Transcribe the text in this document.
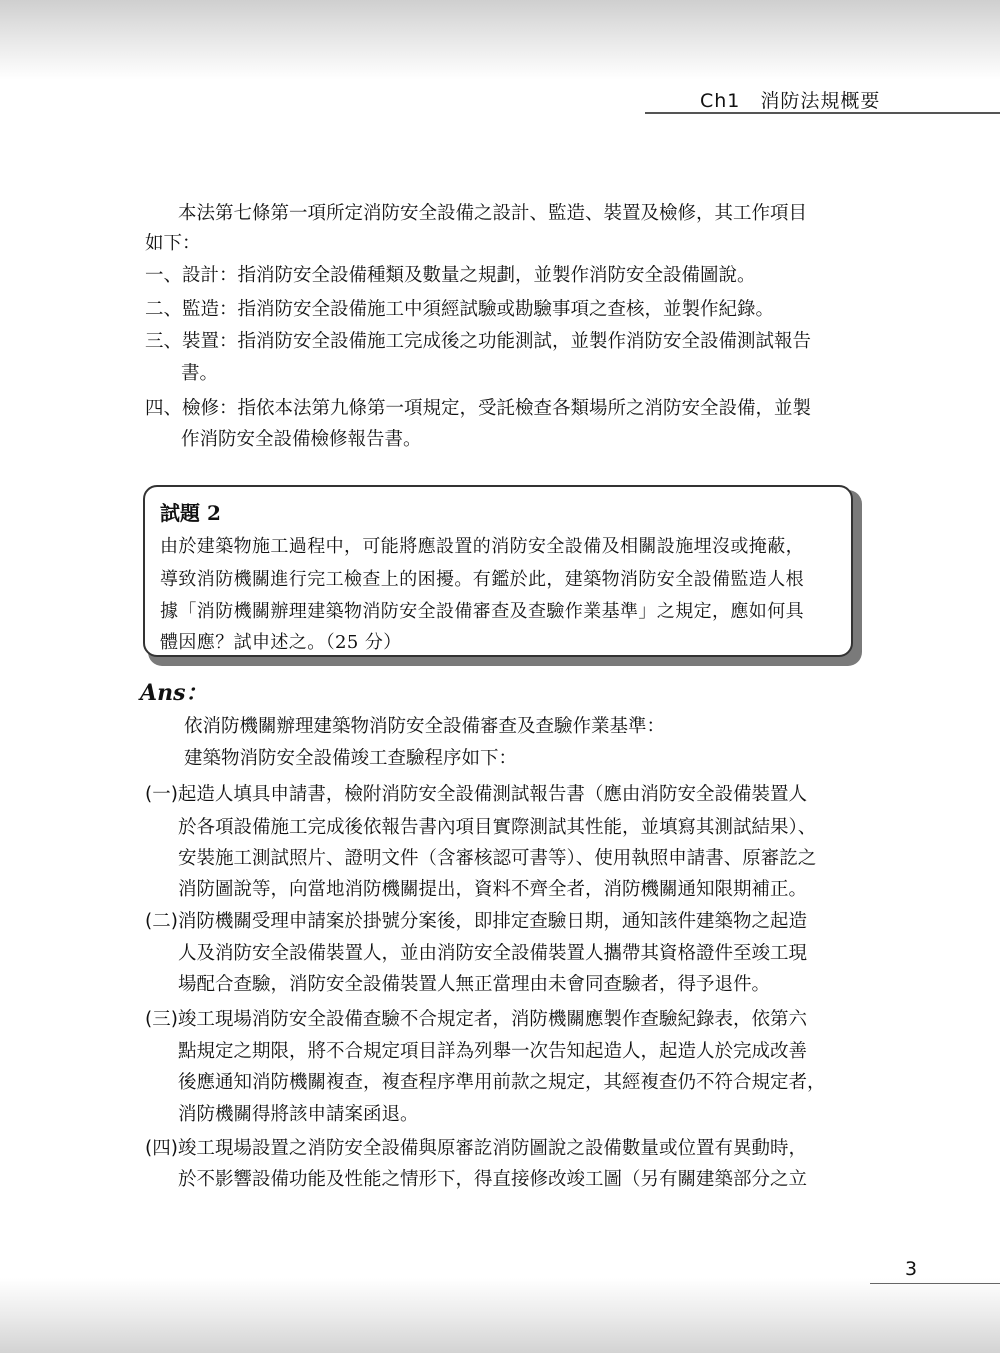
Ch1 消防法規概要
本法第七條第一項所定消防安全設備之設計、監造、裝置及檢修，其工作項目
如下：
一、設計：指消防安全設備種類及數量之規劃，並製作消防安全設備圖說。
二、監造：指消防安全設備施工中須經試驗或勘驗事項之查核，並製作紀錄。
三、裝置：指消防安全設備施工完成後之功能測試，並製作消防安全設備測試報告
書。
四、檢修：指依本法第九條第一項規定，受託檢查各類場所之消防安全設備，並製
作消防安全設備檢修報告書。
試題 2
由於建築物施工過程中，可能將應設置的消防安全設備及相關設施埋沒或掩蔽，
導致消防機關進行完工檢查上的困擾。有鑑於此，建築物消防安全設備監造人根
據「消防機關辦理建築物消防安全設備審查及查驗作業基準」之規定，應如何具
體因應？試申述之。（25 分）
Ans：
依消防機關辦理建築物消防安全設備審查及查驗作業基準：
建築物消防安全設備竣工查驗程序如下：
(一)起造人填具申請書，檢附消防安全設備測試報告書（應由消防安全設備裝置人
於各項設備施工完成後依報告書內項目實際測試其性能，並填寫其測試結果）、
安裝施工測試照片、證明文件（含審核認可書等）、使用執照申請書、原審訖之
消防圖說等，向當地消防機關提出，資料不齊全者，消防機關通知限期補正。
(二)消防機關受理申請案於掛號分案後，即排定查驗日期，通知該件建築物之起造
人及消防安全設備裝置人，並由消防安全設備裝置人攜帶其資格證件至竣工現
場配合查驗，消防安全設備裝置人無正當理由未會同查驗者，得予退件。
(三)竣工現場消防安全設備查驗不合規定者，消防機關應製作查驗紀錄表，依第六
點規定之期限，將不合規定項目詳為列舉一次告知起造人，起造人於完成改善
後應通知消防機關複查，複查程序準用前款之規定，其經複查仍不符合規定者，
消防機關得將該申請案函退。
(四)竣工現場設置之消防安全設備與原審訖消防圖說之設備數量或位置有異動時，
於不影響設備功能及性能之情形下，得直接修改竣工圖（另有關建築部分之立
3
